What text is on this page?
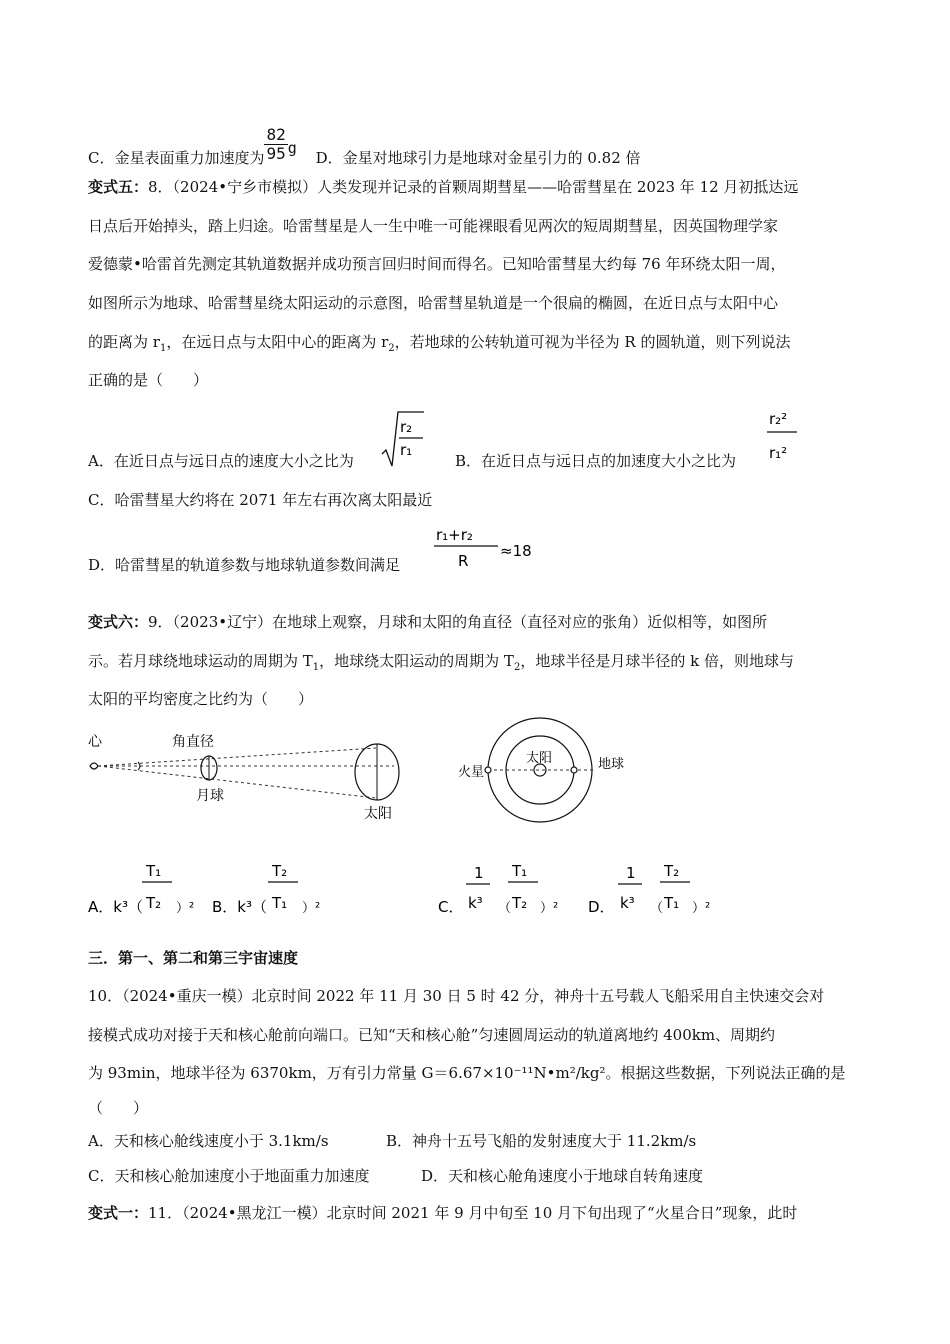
C．金星表面重力加速度为 $\frac{82}{95}$ g D．金星对地球引力是地球对金星引力的 0.82 倍
变式五：8．（2024•宁乡市模拟）人类发现并记录的首颗周期彗星——哈雷彗星在 2023 年 12 月初抵达远
日点后开始掉头，踏上归途。哈雷彗星是人一生中唯一可能裸眼看见两次的短周期彗星，因英国物理学家
爱德蒙•哈雷首先测定其轨道数据并成功预言回归时间而得名。已知哈雷彗星大约每 76 年环绕太阳一周，
如图所示为地球、哈雷彗星绕太阳运动的示意图，哈雷彗星轨道是一个很扁的椭圆，在近日点与太阳中心
的距离为 $r_1$，在远日点与太阳中心的距离为 $r_2$，若地球的公转轨道可视为半径为 R 的圆轨道，则下列说法
正确的是（　　）
A．在近日点与远日点的速度大小之比为
r₂
r₁
B．在近日点与远日点的加速度大小之比为
r₂²
r₁²
C．哈雷彗星大约将在 2071 年左右再次离太阳最近
D．哈雷彗星的轨道参数与地球轨道参数间满足
r₁+r₂
R
≈18
变式六：9．（2023•辽宁）在地球上观察，月球和太阳的角直径（直径对应的张角）近似相等，如图所
示。若月球绕地球运动的周期为 $T_1$，地球绕太阳运动的周期为 $T_2$，地球半径是月球半径的 k 倍，则地球与
太阳的平均密度之比约为（　　）
心	角直径
月球
太阳
太阳
火星
地球
A．k³（
T₁
T₂ ）² B．k³（
T₂
T₁ ）²	C．
1
k³ （
T₁
T₂ ）² D．
1
k³ （
T₂
T₁ ）²
三．第一、第二和第三宇宙速度
10．（2024•重庆一模）北京时间 2022 年 11 月 30 日 5 时 42 分，神舟十五号载人飞船采用自主快速交会对
接模式成功对接于天和核心舱前向端口。已知“天和核心舱”匀速圆周运动的轨道离地约 400km、周期约
为 93min，地球半径为 6370km，万有引力常量 G＝6.67×10⁻¹¹N•m²/kg²。根据这些数据，下列说法正确的是
（　　）
A．天和核心舱线速度小于 3.1km/s	B．神舟十五号飞船的发射速度大于 11.2km/s
C．天和核心舱加速度小于地面重力加速度	D．天和核心舱角速度小于地球自转角速度
变式一：11．（2024•黑龙江一模）北京时间 2021 年 9 月中旬至 10 月下旬出现了“火星合日”现象，此时
